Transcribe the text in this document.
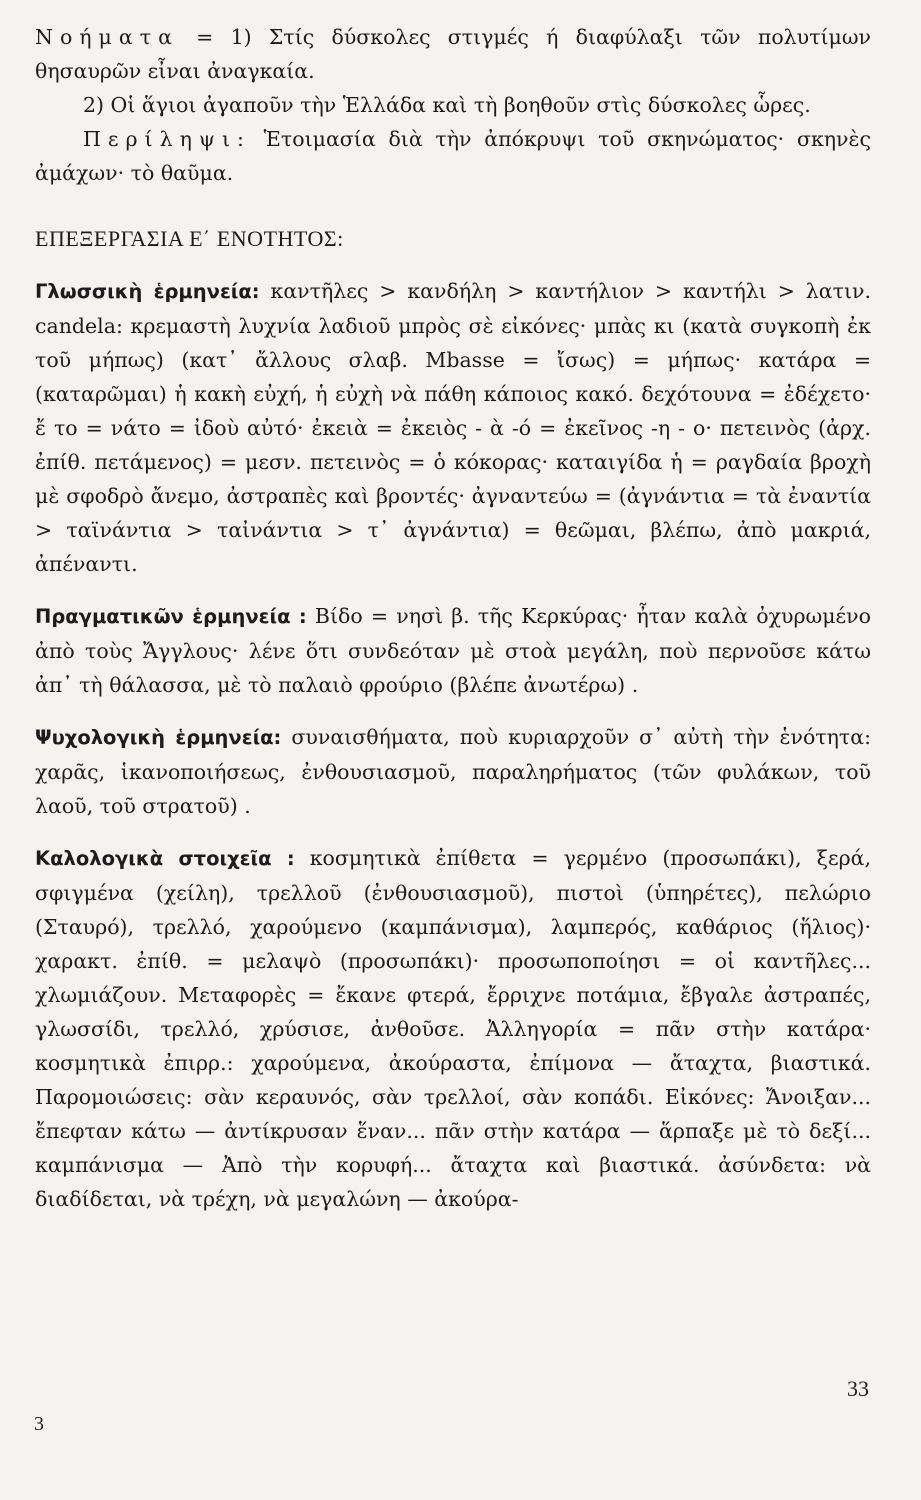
Νοήματα = 1) Στίς δύσκολες στιγμές ή διαφύλαξι τῶν πολυτίμων θησαυρῶν εἶναι ἀναγκαία.

2) Οἱ ἅγιοι ἀγαποῦν τὴν Ἑλλάδα καὶ τὴ βοηθοῦν στὶς δύσκολες ὧρες.

Περίληψι: Ἑτοιμασία διὰ τὴν ἀπόκρυψι τοῦ σκηνώματος· σκηνὲς ἀμάχων· τὸ θαῦμα.

ΕΠΕΞΕΡΓΑΣΙΑ Ε΄ ΕΝΟΤΗΤΟΣ:

Γλωσσικὴ ἑρμηνεία: καντῆλες > κανδήλη > καντήλιον > καντήλι > λατιν. candela: κρεμαστὴ λυχνία λαδιοῦ μπρὸς σὲ εἰκόνες· μπὰς κι (κατὰ συγκοπὴ ἐκ τοῦ μήπως) (κατ᾽ ἄλλους σλαβ. Mbasse = ἴσως) = μήπως· κατάρα = (καταρῶμαι) ἡ κακὴ εὐχή, ἡ εὐχὴ νὰ πάθη κάποιος κακό. δεχότουνα = ἐδέχετο· ἔ το = νάτο = ἰδοὺ αὐτό· ἐκειὰ = ἐκειὸς - ὰ -ό = ἐκεῖνος -η - ο· πετεινὸς (ἀρχ. ἐπίθ. πετάμενος) = μεσν. πετεινὸς = ὁ κόκορας· καταιγίδα ἡ = ραγδαία βροχὴ μὲ σφοδρὸ ἄνεμο, ἀστραπὲς καὶ βροντές· ἀγναντεύω = (ἀγνάντια = τὰ ἐναντία > ταϊνάντια > ταἰνάντια > τ᾽ ἀγνάντια) = θεῶμαι, βλέπω, ἀπὸ μακριά, ἀπέναντι.

Πραγματικῶν ἑρμηνεία : Βίδο = νησὶ β. τῆς Κερκύρας· ἦταν καλὰ ὀχυρωμένο ἀπὸ τοὺς Ἄγγλους· λένε ὅτι συνδεόταν μὲ στοὰ μεγάλη, ποὺ περνοῦσε κάτω ἀπ᾽ τὴ θάλασσα, μὲ τὸ παλαιὸ φρούριο (βλέπε ἀνωτέρω) .

Ψυχολογικὴ ἑρμηνεία: συναισθήματα, ποὺ κυριαρχοῦν σ᾽ αὐτὴ τὴν ἑνότητα: χαρᾶς, ἱκανοποιήσεως, ἐνθουσιασμοῦ, παραληρήματος (τῶν φυλάκων, τοῦ λαοῦ, τοῦ στρατοῦ) .

Καλολογικὰ στοιχεῖα : κοσμητικὰ ἐπίθετα = γερμένο (προσωπάκι), ξερά, σφιγμένα (χείλη), τρελλοῦ (ἐνθουσιασμοῦ), πιστοὶ (ὑπηρέτες), πελώριο (Σταυρό), τρελλό, χαρούμενο (καμπάνισμα), λαμπερός, καθάριος (ἥλιος)· χαρακτ. ἐπίθ. = μελαψὸ (προσωπάκι)· προσωποποίησι = οἱ καντῆλες... χλωμιάζουν. Μεταφορὲς = ἔκανε φτερά, ἔρριχνε ποτάμια, ἔβγαλε ἀστραπές, γλωσσίδι, τρελλό, χρύσισε, ἀνθοῦσε. Ἀλληγορία = πᾶν στὴν κατάρα· κοσμητικὰ ἐπιρρ.: χαρούμενα, ἀκούραστα, ἐπίμονα — ἄταχτα, βιαστικά. Παρομοιώσεις: σὰν κεραυνός, σὰν τρελλοί, σὰν κοπάδι. Εἰκόνες: Ἄνοιξαν... ἔπεφταν κάτω — ἀντίκρυσαν ἕναν... πᾶν στὴν κατάρα — ἅρπαξε μὲ τὸ δεξί... καμπάνισμα — Ἀπὸ τὴν κορυφή... ἄταχτα καὶ βιαστικά. ἀσύνδετα: νὰ διαδίδεται, νὰ τρέχη, νὰ μεγαλώνη — ἀκούρα-

33
3
